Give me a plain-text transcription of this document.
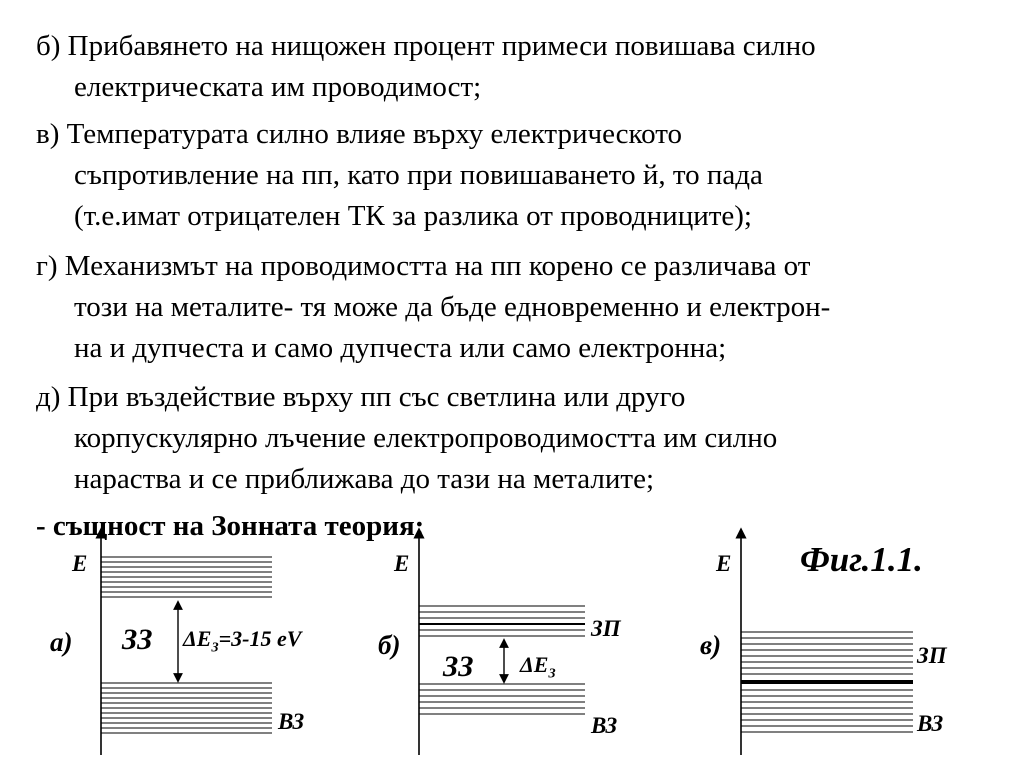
б) Прибавянето на нищожен процент примеси повишава силно
електрическата им проводимост;
в) Температурата силно влияе върху електрическото
съпротивление на пп, като при повишаването й, то пада
(т.е.имат отрицателен ТК за разлика от проводниците);
г) Механизмът на проводимостта на пп корено се различава от
този на металите- тя може да бъде едновременно и електрон-
на и дупчеста и само дупчеста или само електронна;
д) При въздействие върху пп със светлина или друго
корпускулярно лъчение електропроводимостта им силно
нараства и се приближава до тази на металите;
- същност на Зонната теория:
E
а) ЗЗ $\Delta E_З=3-15$ eV
ВЗ
E
б)
ЗП
ЗЗ $\Delta E_З$
ВЗ
E
в)	ЗП
ВЗ
Фиг.1.1.
